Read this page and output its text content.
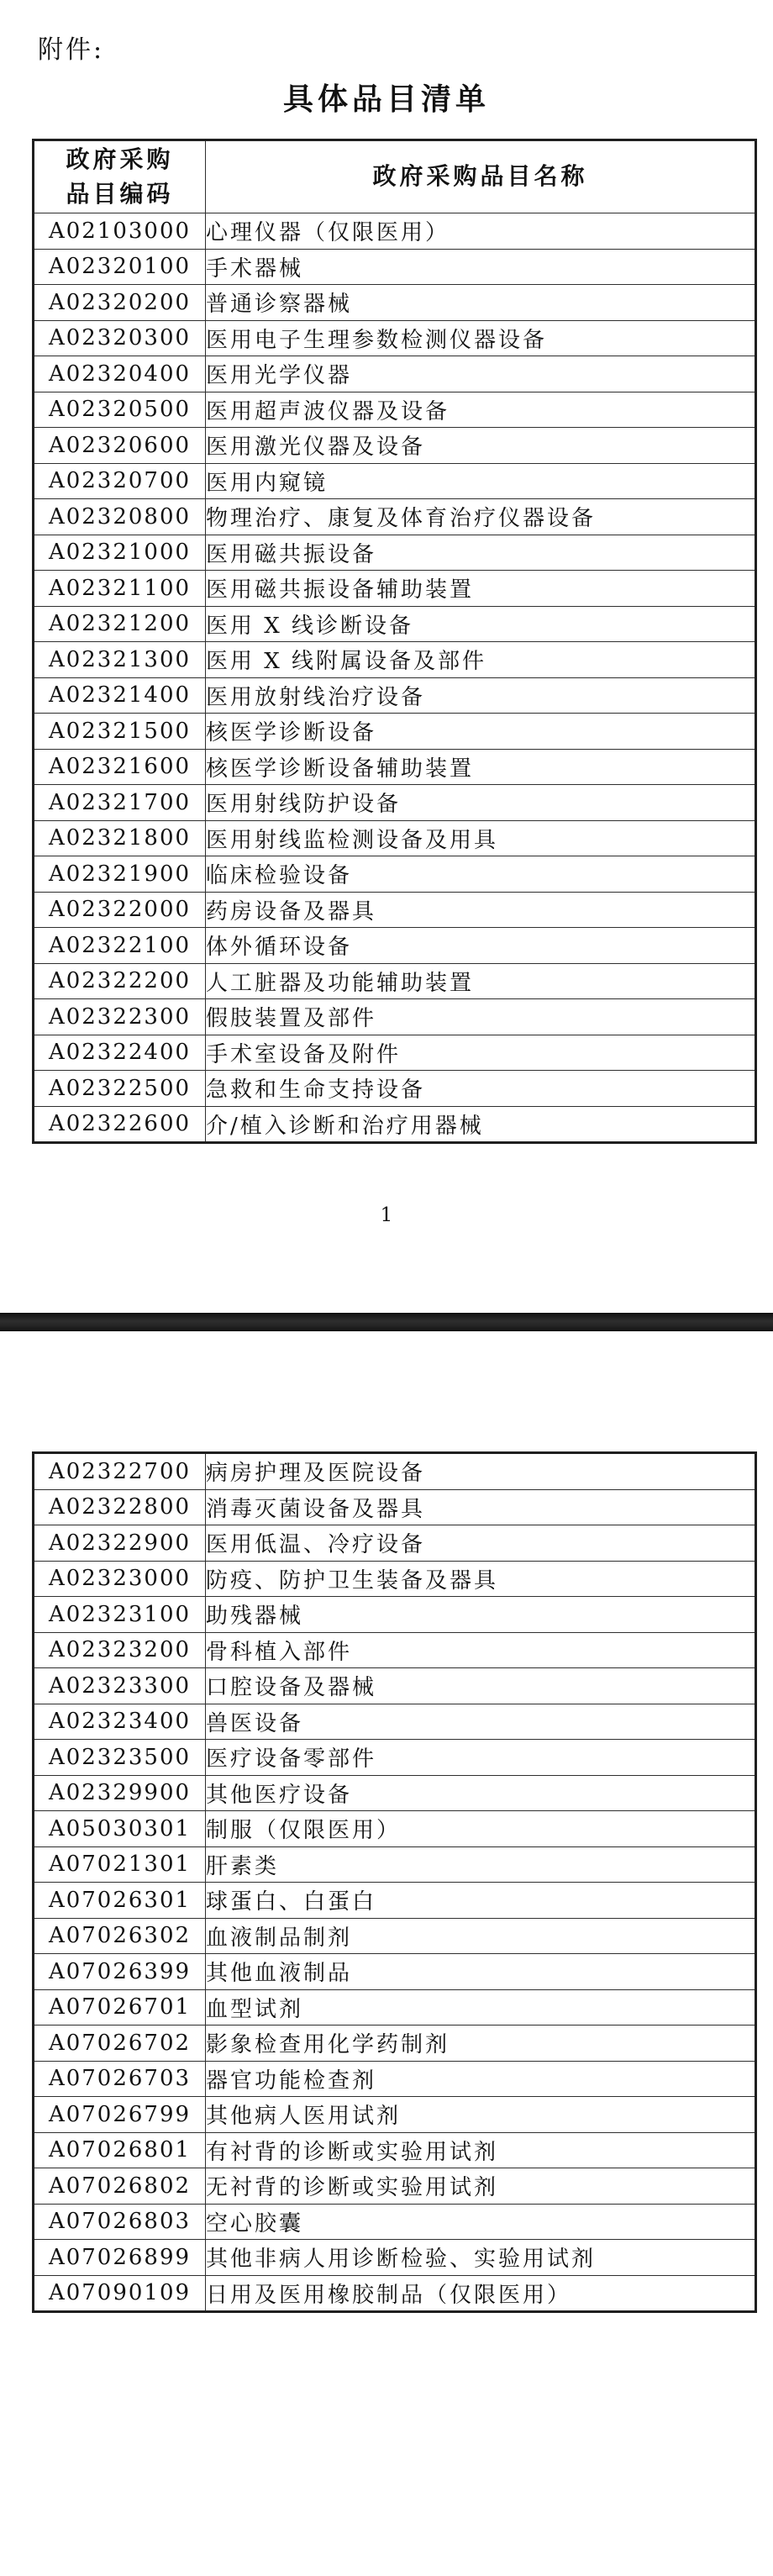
附件:
具体品目清单
政府采购
品目编码	政府采购品目名称
A02103000	心理仪器（仅限医用）
A02320100	手术器械
A02320200	普通诊察器械
A02320300	医用电子生理参数检测仪器设备
A02320400	医用光学仪器
A02320500	医用超声波仪器及设备
A02320600	医用激光仪器及设备
A02320700	医用内窥镜
A02320800	物理治疗、康复及体育治疗仪器设备
A02321000	医用磁共振设备
A02321100	医用磁共振设备辅助装置
A02321200	医用 X 线诊断设备
A02321300	医用 X 线附属设备及部件
A02321400	医用放射线治疗设备
A02321500	核医学诊断设备
A02321600	核医学诊断设备辅助装置
A02321700	医用射线防护设备
A02321800	医用射线监检测设备及用具
A02321900	临床检验设备
A02322000	药房设备及器具
A02322100	体外循环设备
A02322200	人工脏器及功能辅助装置
A02322300	假肢装置及部件
A02322400	手术室设备及附件
A02322500	急救和生命支持设备
A02322600	介/植入诊断和治疗用器械
1
A02322700	病房护理及医院设备
A02322800	消毒灭菌设备及器具
A02322900	医用低温、冷疗设备
A02323000	防疫、防护卫生装备及器具
A02323100	助残器械
A02323200	骨科植入部件
A02323300	口腔设备及器械
A02323400	兽医设备
A02323500	医疗设备零部件
A02329900	其他医疗设备
A05030301	制服（仅限医用）
A07021301	肝素类
A07026301	球蛋白、白蛋白
A07026302	血液制品制剂
A07026399	其他血液制品
A07026701	血型试剂
A07026702	影象检查用化学药制剂
A07026703	器官功能检查剂
A07026799	其他病人医用试剂
A07026801	有衬背的诊断或实验用试剂
A07026802	无衬背的诊断或实验用试剂
A07026803	空心胶囊
A07026899	其他非病人用诊断检验、实验用试剂
A07090109	日用及医用橡胶制品（仅限医用）
